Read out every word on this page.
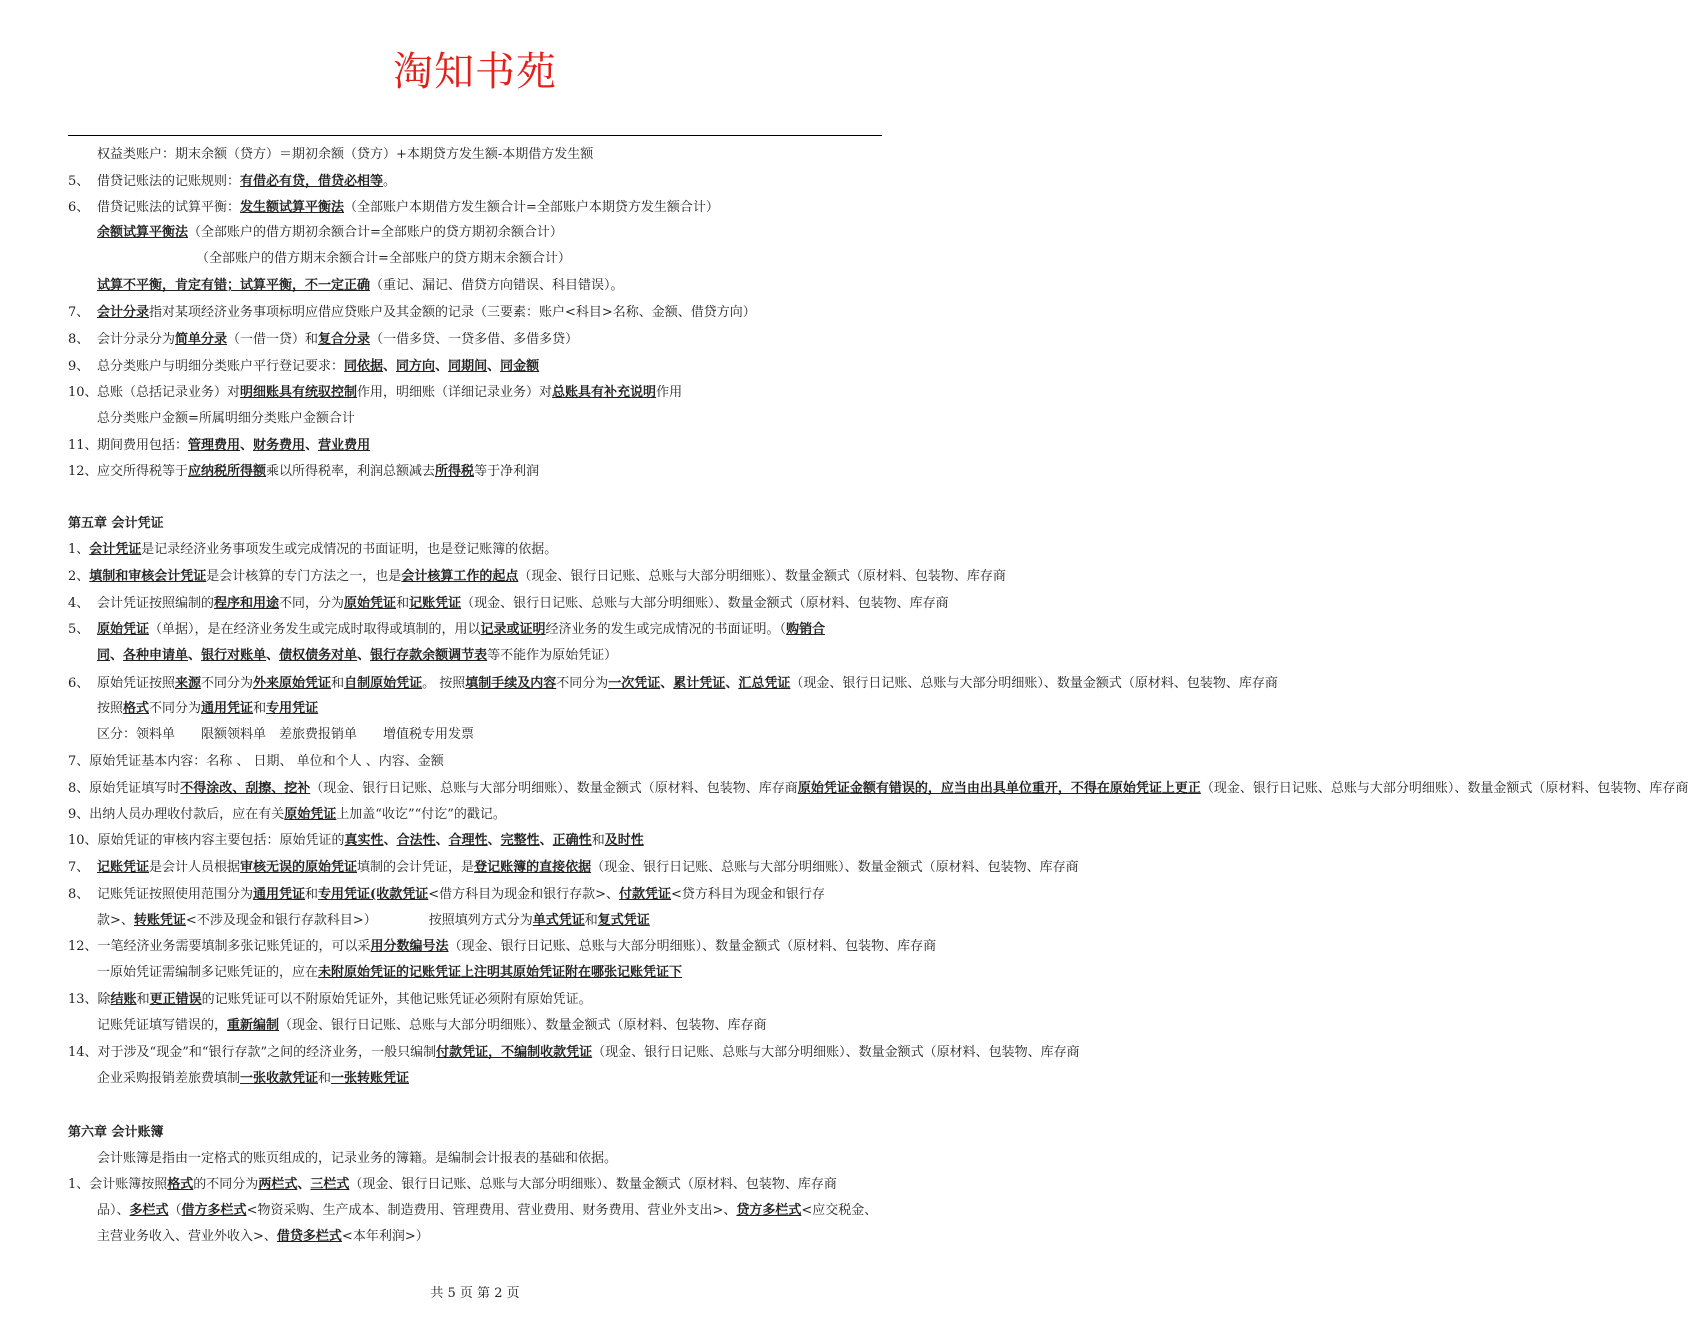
淘知书苑
权益类账户：期末余额（贷方）＝期初余额（贷方）+本期贷方发生额-本期借方发生额
5、 借贷记账法的记账规则：有借必有贷，借贷必相等。
6、 借贷记账法的试算平衡：发生额试算平衡法（全部账户本期借方发生额合计=全部账户本期贷方发生额合计）
余额试算平衡法（全部账户的借方期初余额合计=全部账户的贷方期初余额合计）
（全部账户的借方期末余额合计=全部账户的贷方期末余额合计）
试算不平衡，肯定有错；试算平衡，不一定正确（重记、漏记、借贷方向错误、科目错误）。
7、 会计分录指对某项经济业务事项标明应借应贷账户及其金额的记录（三要素：账户<科目>名称、金额、借贷方向）
8、 会计分录分为简单分录（一借一贷）和复合分录（一借多贷、一贷多借、多借多贷）
9、 总分类账户与明细分类账户平行登记要求：同依据、同方向、同期间、同金额
10、总账（总括记录业务）对明细账具有统驭控制作用，明细账（详细记录业务）对总账具有补充说明作用
总分类账户金额=所属明细分类账户金额合计
11、期间费用包括：管理费用、财务费用、营业费用
12、应交所得税等于应纳税所得额乘以所得税率，利润总额减去所得税等于净利润
第五章 会计凭证
1、会计凭证是记录经济业务事项发生或完成情况的书面证明，也是登记账簿的依据。
2、填制和审核会计凭证是会计核算的专门方法之一，也是会计核算工作的起点（现金、银行日记账、总账与大部分明细账）、数量金额式（原材料、包装物、库存商
4、 会计凭证按照编制的程序和用途不同，分为原始凭证和记账凭证（现金、银行日记账、总账与大部分明细账）、数量金额式（原材料、包装物、库存商
5、 原始凭证（单据），是在经济业务发生或完成时取得或填制的，用以记录或证明经济业务的发生或完成情况的书面证明。（购销合
同、各种申请单、银行对账单、债权债务对单、银行存款余额调节表等不能作为原始凭证）
6、 原始凭证按照来源不同分为外来原始凭证和自制原始凭证。 按照填制手续及内容不同分为一次凭证、累计凭证、汇总凭证（现金、银行日记账、总账与大部分明细账）、数量金额式（原材料、包装物、库存商
按照格式不同分为通用凭证和专用凭证
区分：领料单　　限额领料单　差旅费报销单　　增值税专用发票
7、原始凭证基本内容：名称 、 日期、 单位和个人 、内容、金额
8、原始凭证填写时不得涂改、刮擦、挖补（现金、银行日记账、总账与大部分明细账）、数量金额式（原材料、包装物、库存商原始凭证金额有错误的，应当由出具单位重开，不得在原始凭证上更正（现金、银行日记账、总账与大部分明细账）、数量金额式（原材料、包装物、库存商
9、出纳人员办理收付款后，应在有关原始凭证上加盖“收讫”“付讫”的戳记。
10、原始凭证的审核内容主要包括：原始凭证的真实性、合法性、合理性、完整性、正确性和及时性
7、 记账凭证是会计人员根据审核无误的原始凭证填制的会计凭证，是登记账簿的直接依据（现金、银行日记账、总账与大部分明细账）、数量金额式（原材料、包装物、库存商
8、 记账凭证按照使用范围分为通用凭证和专用凭证(收款凭证<借方科目为现金和银行存款>、付款凭证<贷方科目为现金和银行存
款>、转账凭证<不涉及现金和银行存款科目>）	按照填列方式分为单式凭证和复式凭证
12、一笔经济业务需要填制多张记账凭证的，可以采用分数编号法（现金、银行日记账、总账与大部分明细账）、数量金额式（原材料、包装物、库存商
一原始凭证需编制多记账凭证的，应在未附原始凭证的记账凭证上注明其原始凭证附在哪张记账凭证下
13、除结账和更正错误的记账凭证可以不附原始凭证外，其他记账凭证必须附有原始凭证。
记账凭证填写错误的，重新编制（现金、银行日记账、总账与大部分明细账）、数量金额式（原材料、包装物、库存商
14、对于涉及“现金”和“银行存款”之间的经济业务，一般只编制付款凭证，不编制收款凭证（现金、银行日记账、总账与大部分明细账）、数量金额式（原材料、包装物、库存商
企业采购报销差旅费填制一张收款凭证和一张转账凭证
第六章 会计账簿
会计账簿是指由一定格式的账页组成的，记录业务的簿籍。是编制会计报表的基础和依据。
1、会计账簿按照格式的不同分为两栏式、三栏式（现金、银行日记账、总账与大部分明细账）、数量金额式（原材料、包装物、库存商
品）、多栏式（借方多栏式<物资采购、生产成本、制造费用、管理费用、营业费用、财务费用、营业外支出>、贷方多栏式<应交税金、
主营业务收入、营业外收入>、借贷多栏式<本年利润>）
共 5 页 第 2 页
